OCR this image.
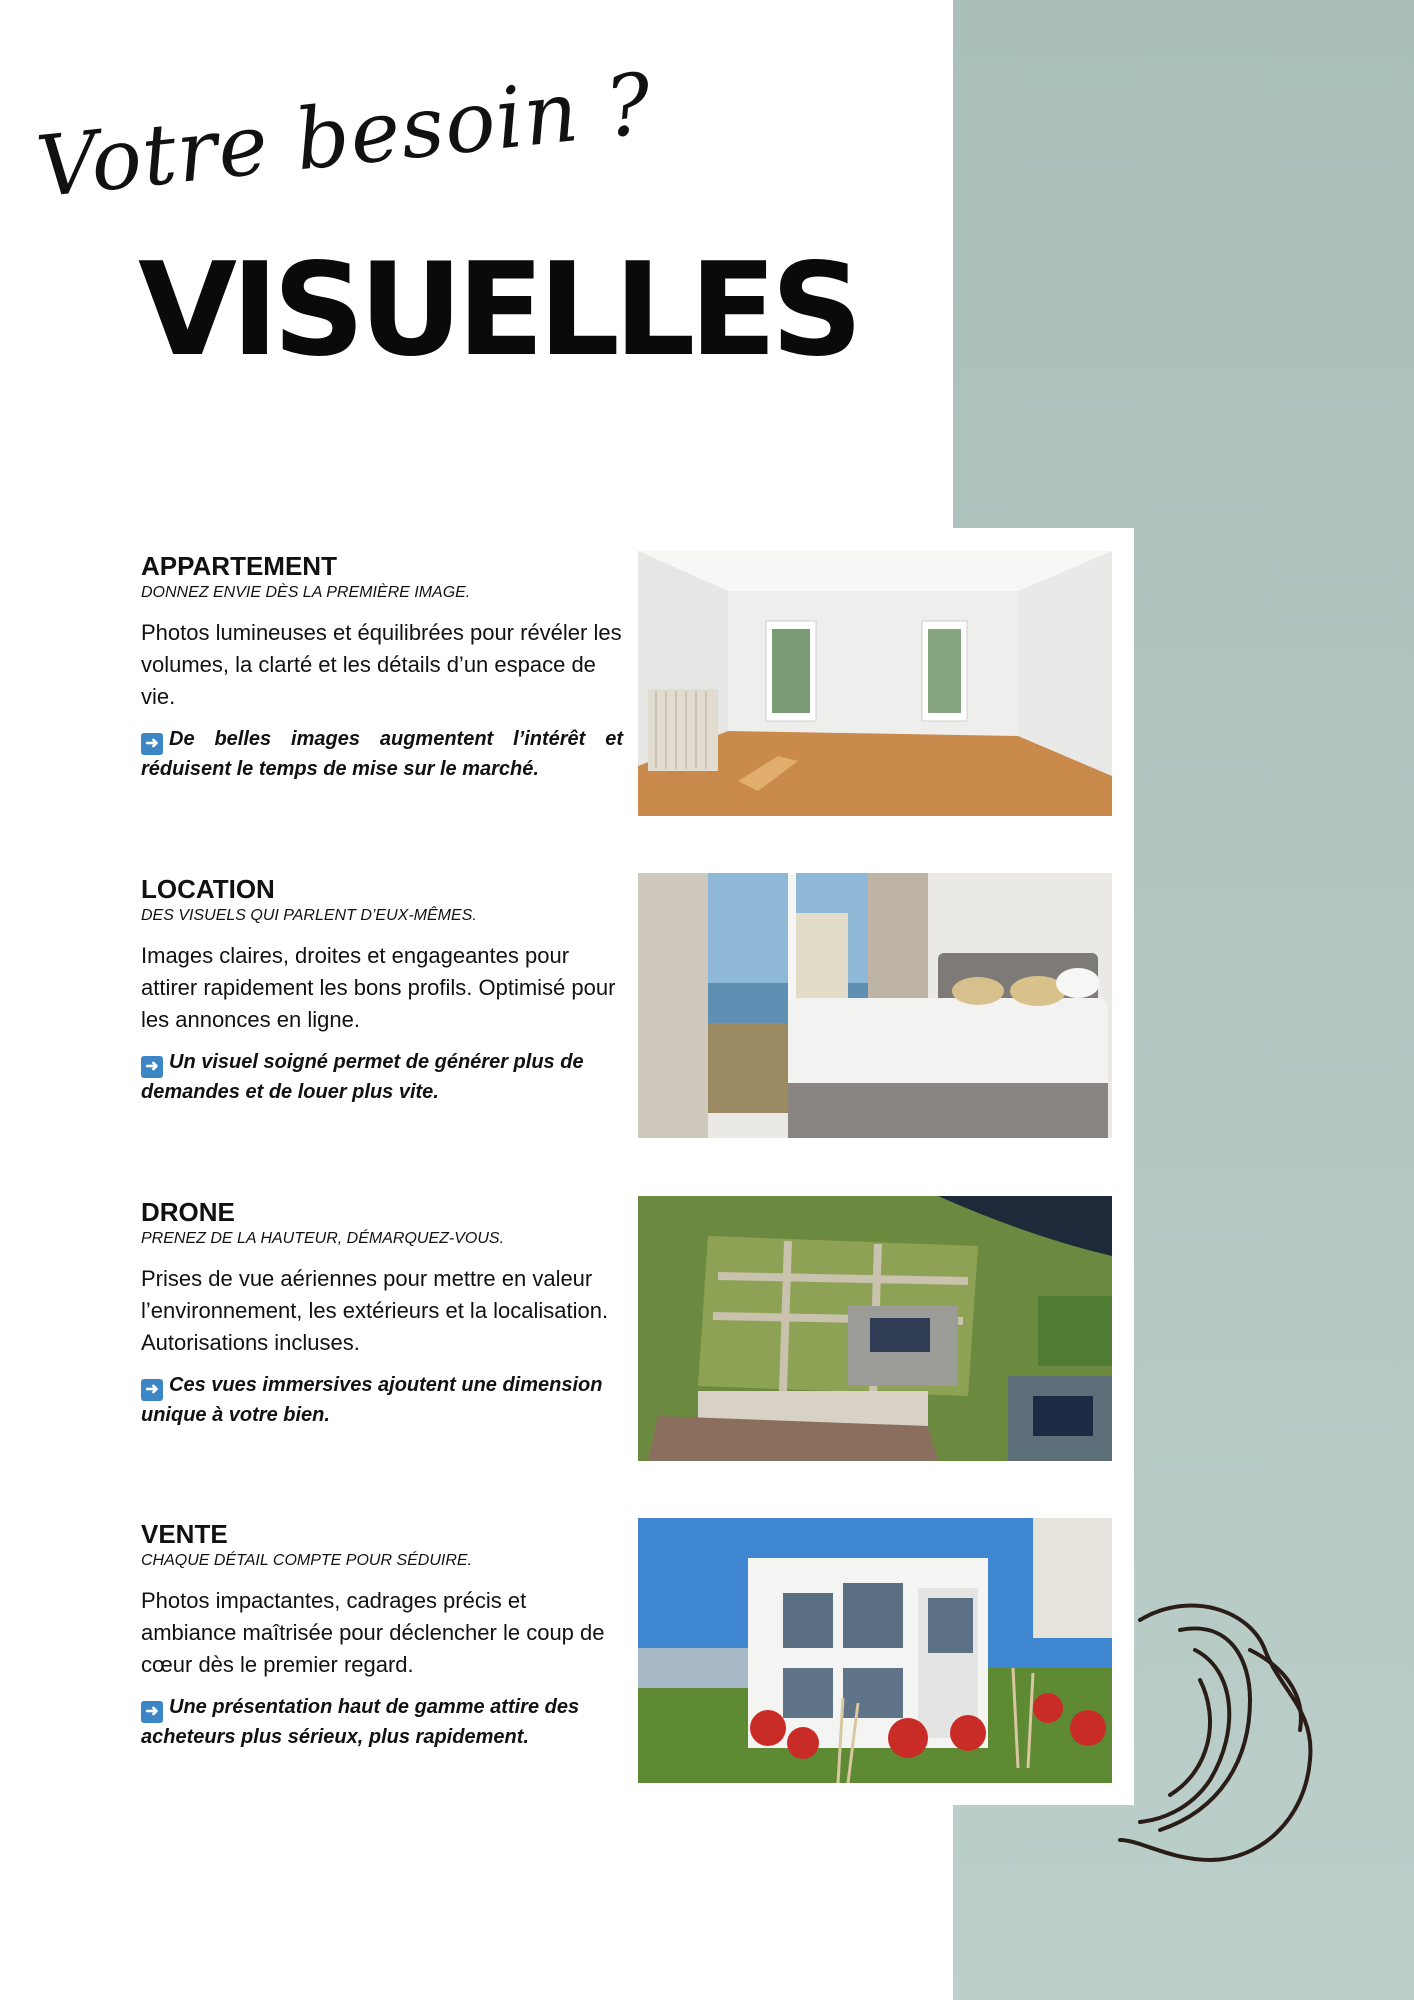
Votre besoin ?
VISUELLES
APPARTEMENT
DONNEZ ENVIE DÈS LA PREMIÈRE IMAGE.
Photos lumineuses et équilibrées pour révéler les volumes, la clarté et les détails d’un espace de vie.
➜ De belles images augmentent l’intérêt et réduisent le temps de mise sur le marché.
LOCATION
DES VISUELS QUI PARLENT D’EUX-MÊMES.
Images claires, droites et engageantes pour attirer rapidement les bons profils. Optimisé pour les annonces en ligne.
➜ Un visuel soigné permet de générer plus de demandes et de louer plus vite.
DRONE
PRENEZ DE LA HAUTEUR, DÉMARQUEZ-VOUS.
Prises de vue aériennes pour mettre en valeur l’environnement, les extérieurs et la localisation. Autorisations incluses.
➜ Ces vues immersives ajoutent une dimension unique à votre bien.
VENTE
CHAQUE DÉTAIL COMPTE POUR SÉDUIRE.
Photos impactantes, cadrages précis et ambiance maîtrisée pour déclencher le coup de cœur dès le premier regard.
➜ Une présentation haut de gamme attire des acheteurs plus sérieux, plus rapidement.
